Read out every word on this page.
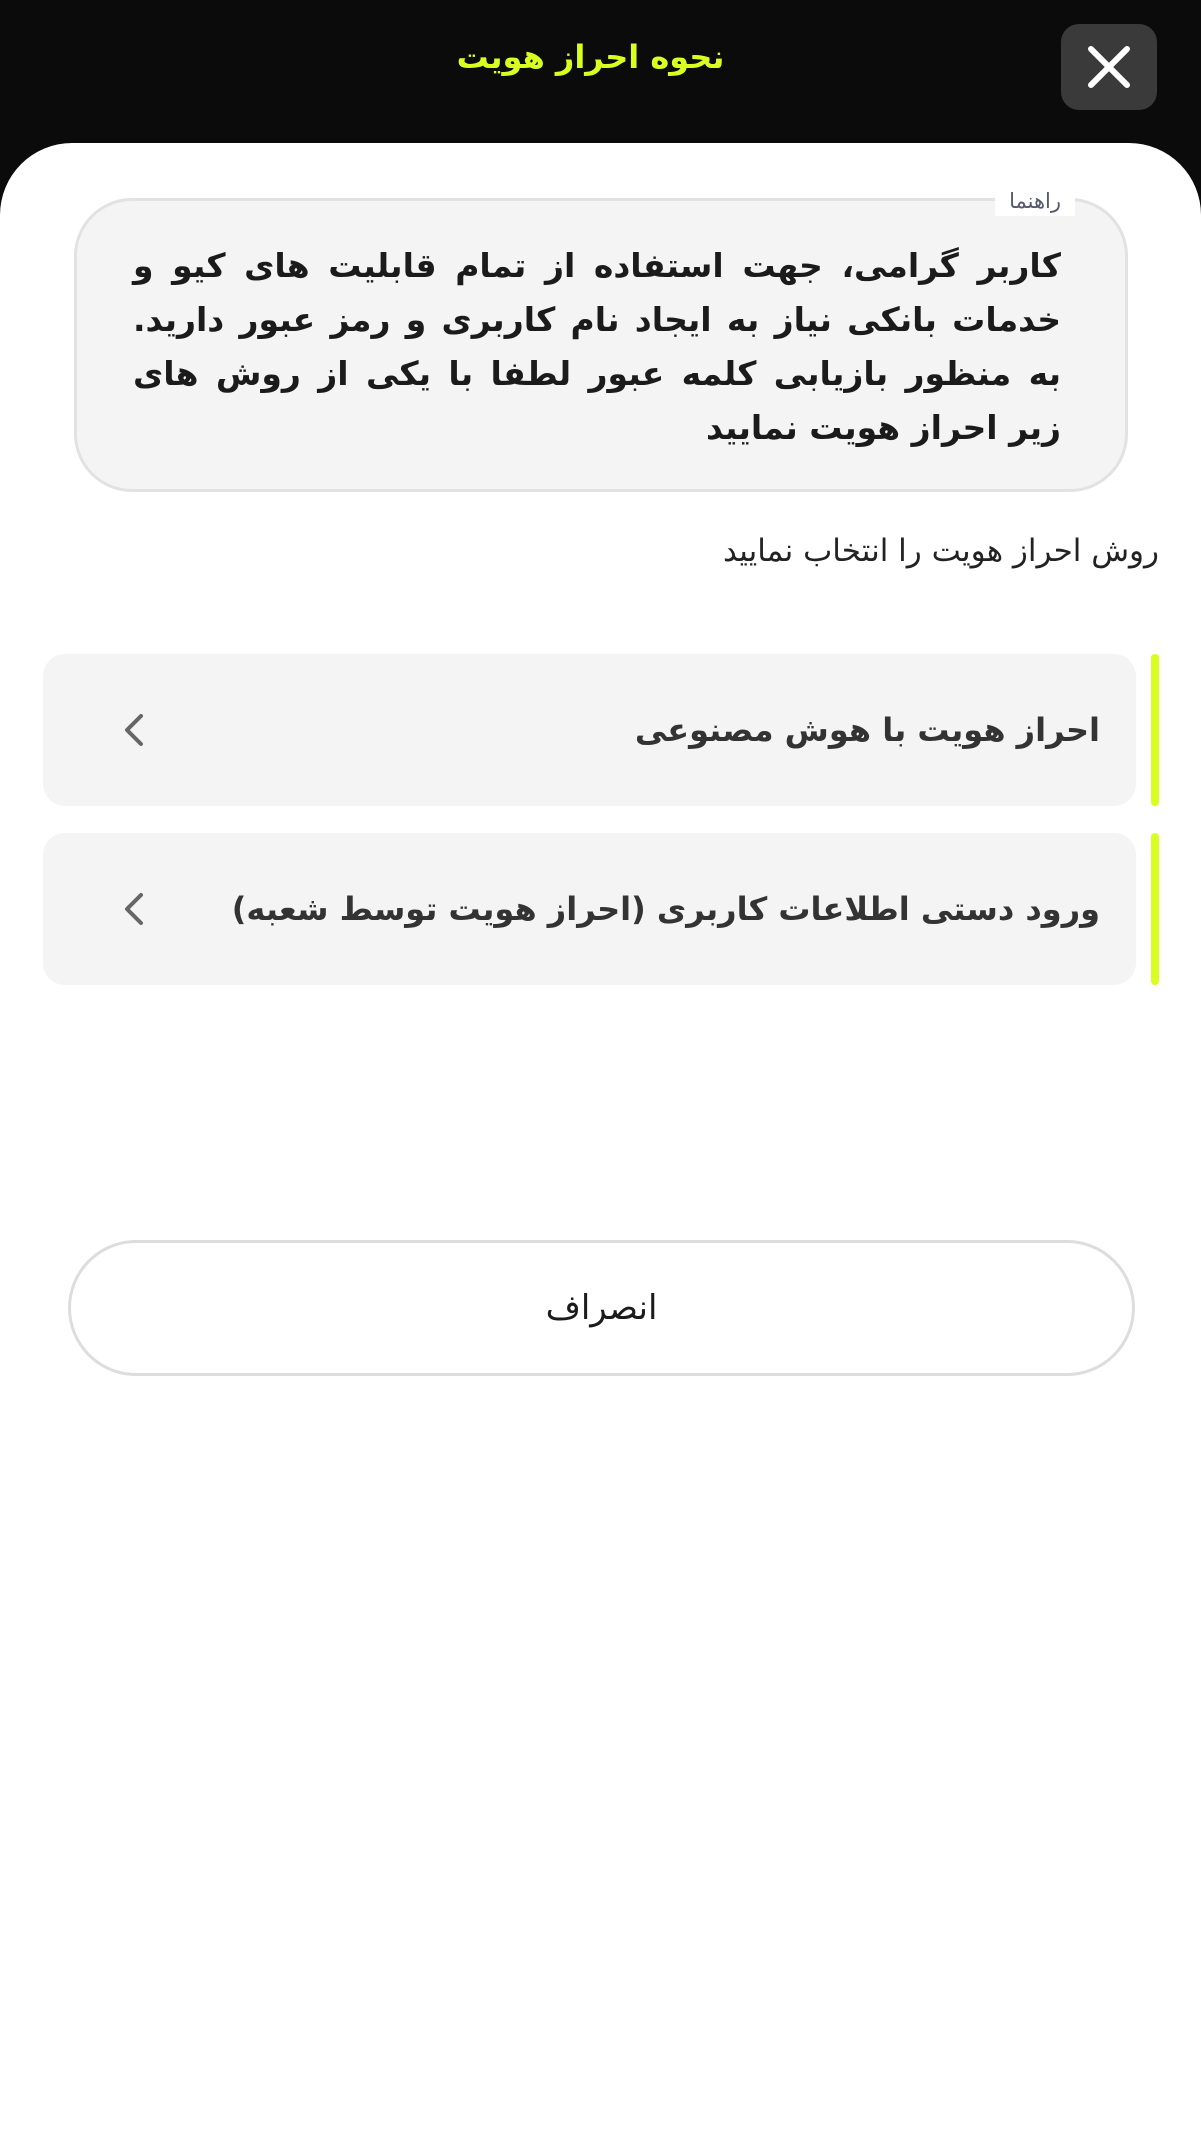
نحوه احراز هویت
راهنما
کاربر گرامی، جهت استفاده از تمام قابلیت های کیو و خدمات بانکی نیاز به ایجاد نام کاربری و رمز عبور دارید. به منظور بازیابی کلمه عبور لطفا با یکی از روش های زیر احراز هویت نمایید
روش احراز هویت را انتخاب نمایید
احراز هویت با هوش مصنوعی
ورود دستی اطلاعات کاربری (احراز هویت توسط شعبه)
انصراف
